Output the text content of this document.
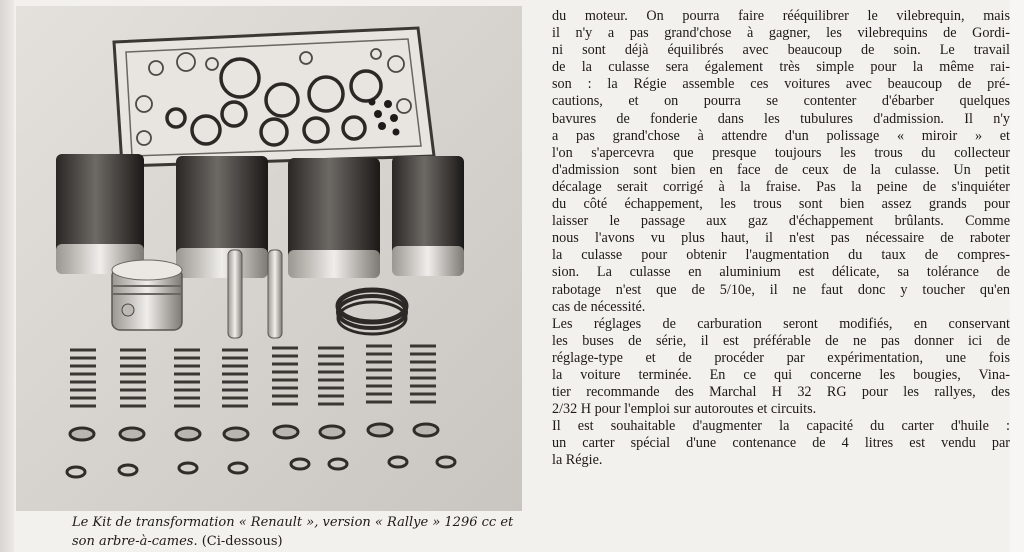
Le Kit de transformation « Renault », version « Rallye » 1296 cc et son arbre-à-cames. (Ci-dessous)
du moteur. On pourra faire rééquilibrer le vilebrequin, mais
il n'y a pas grand'chose à gagner, les vilebrequins de Gordi-
ni sont déjà équilibrés avec beaucoup de soin. Le travail
de la culasse sera également très simple pour la même rai-
son : la Régie assemble ces voitures avec beaucoup de pré-
cautions, et on pourra se contenter d'ébarber quelques
bavures de fonderie dans les tubulures d'admission. Il n'y
a pas grand'chose à attendre d'un polissage « miroir » et
l'on s'apercevra que presque toujours les trous du collecteur
d'admission sont bien en face de ceux de la culasse. Un petit
décalage serait corrigé à la fraise. Pas la peine de s'inquiéter
du côté échappement, les trous sont bien assez grands pour
laisser le passage aux gaz d'échappement brûlants. Comme
nous l'avons vu plus haut, il n'est pas nécessaire de raboter
la culasse pour obtenir l'augmentation du taux de compres-
sion. La culasse en aluminium est délicate, sa tolérance de
rabotage n'est que de 5/10e, il ne faut donc y toucher qu'en
cas de nécessité.
Les réglages de carburation seront modifiés, en conservant
les buses de série, il est préférable de ne pas donner ici de
réglage-type et de procéder par expérimentation, une fois
la voiture terminée. En ce qui concerne les bougies, Vina-
tier recommande des Marchal H 32 RG pour les rallyes, des
2/32 H pour l'emploi sur autoroutes et circuits.
Il est souhaitable d'augmenter la capacité du carter d'huile :
un carter spécial d'une contenance de 4 litres est vendu par
la Régie.
